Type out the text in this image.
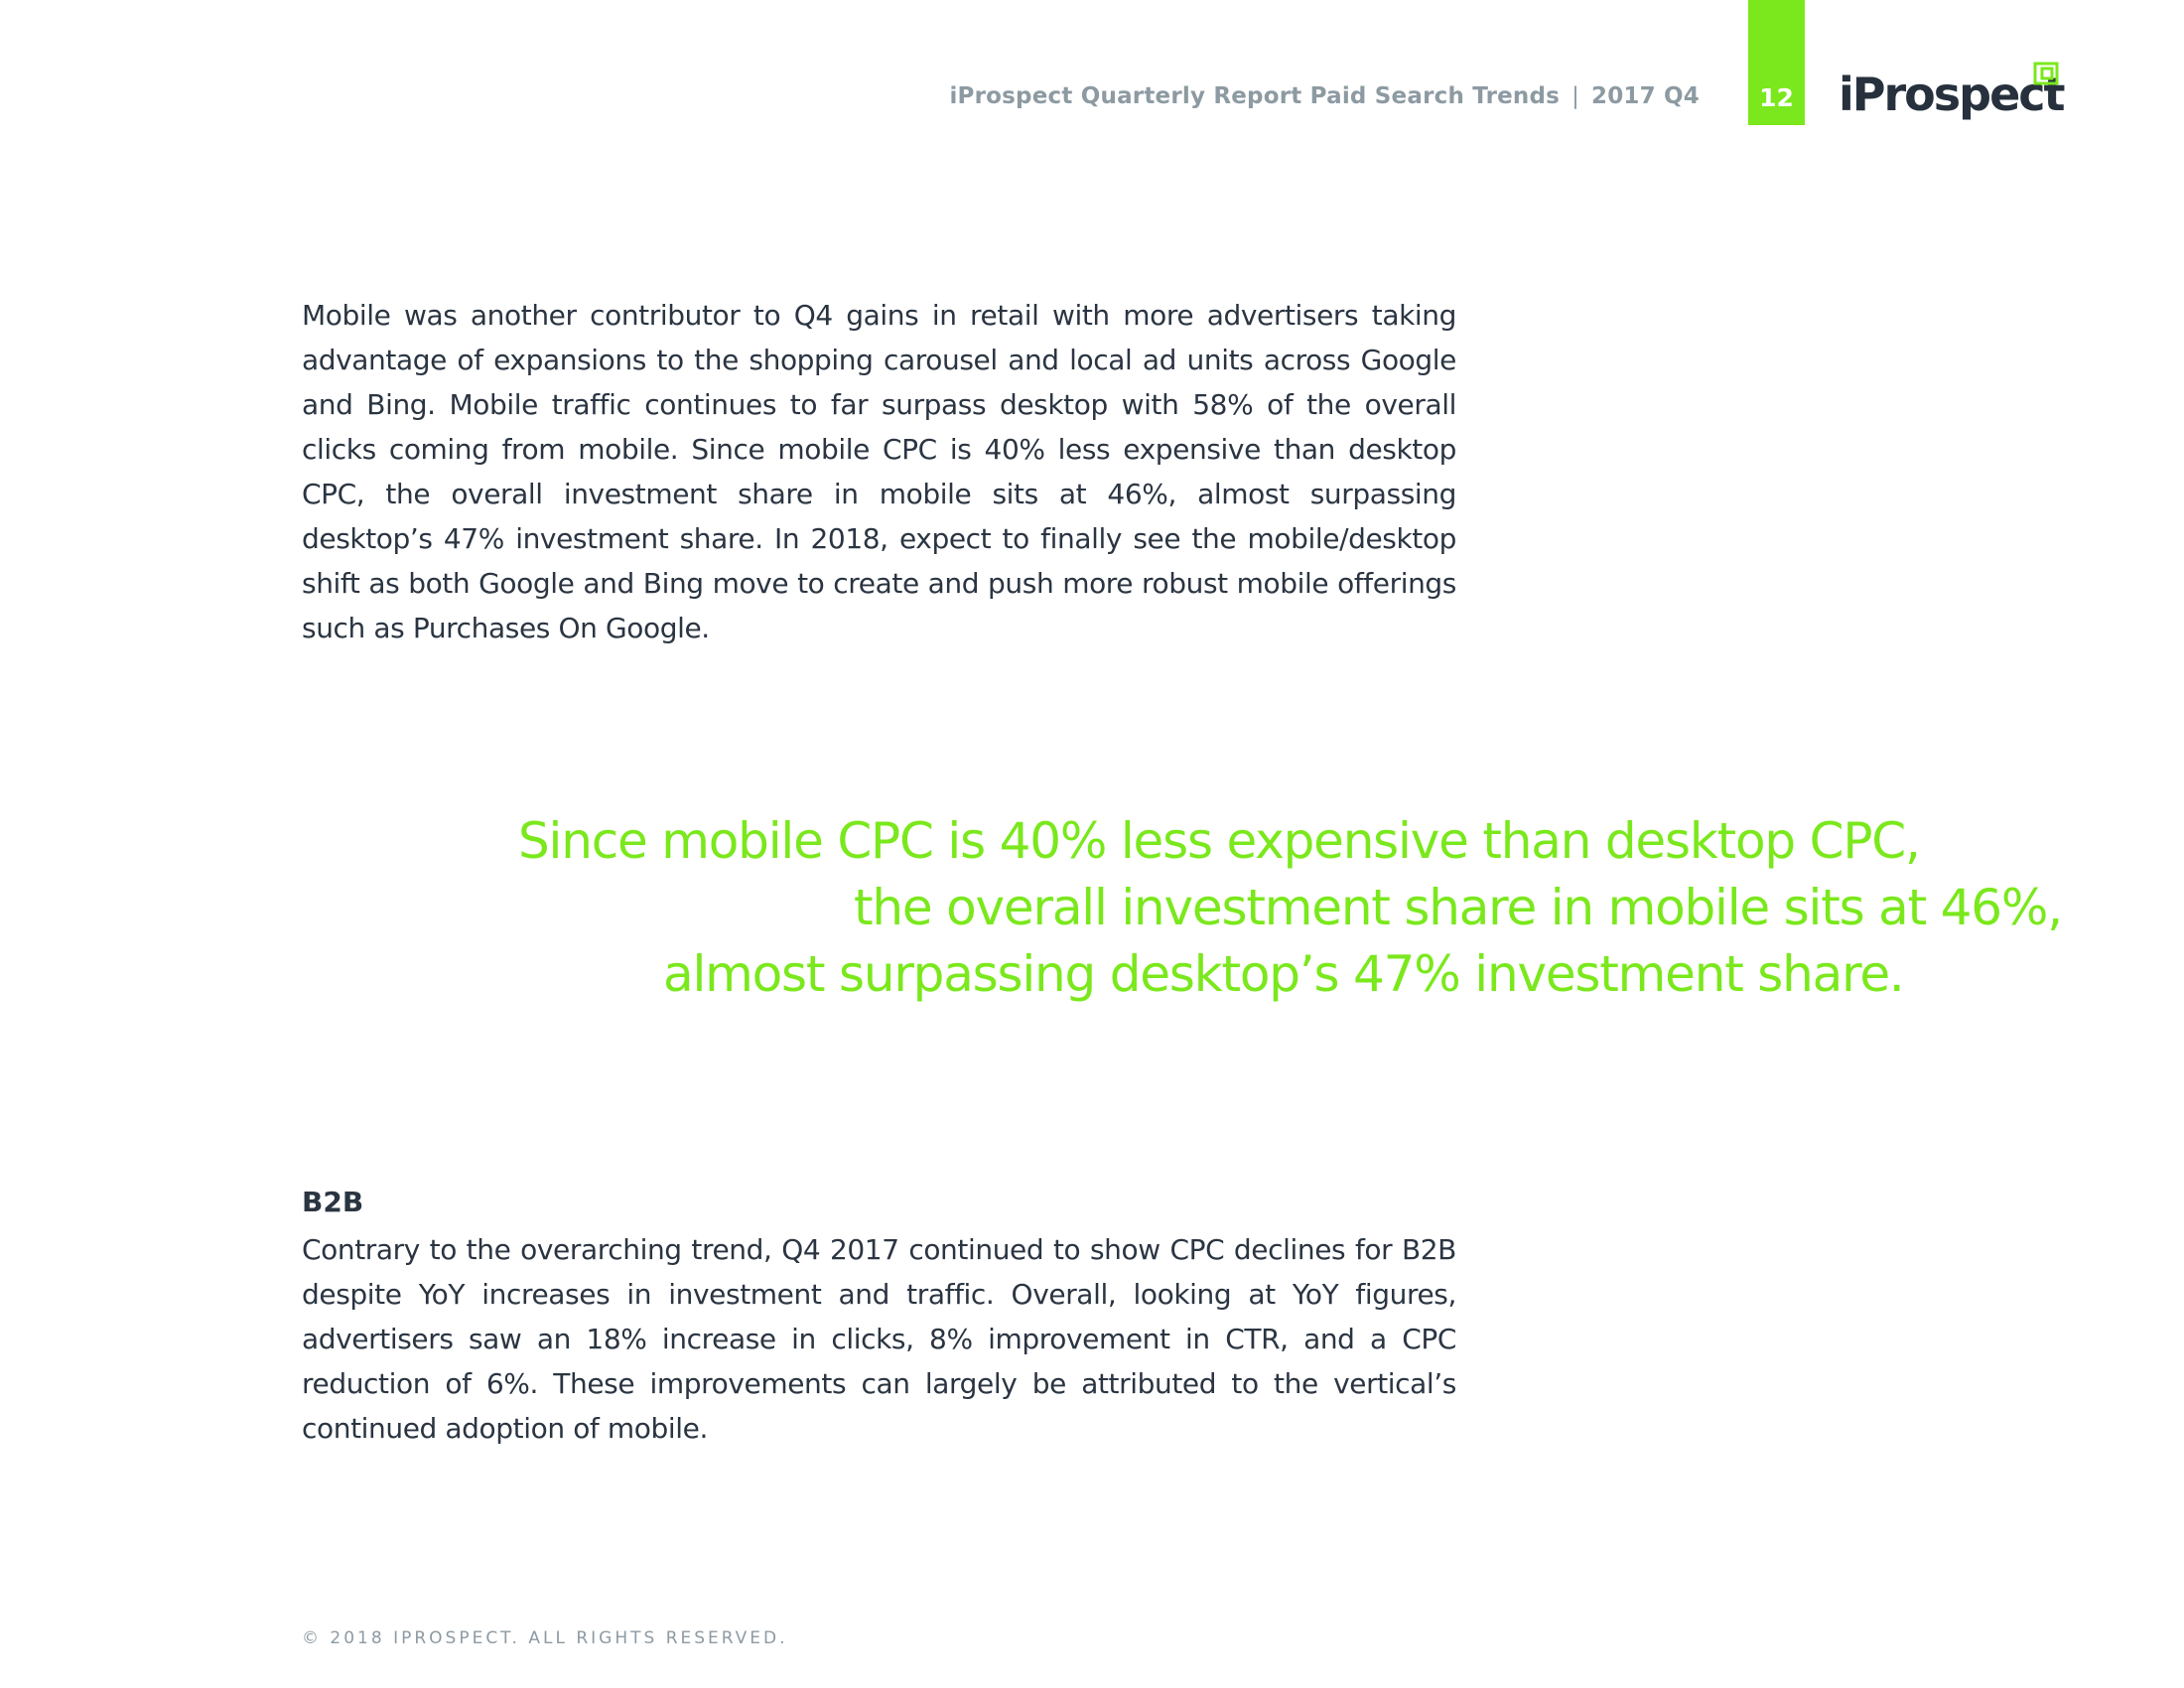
iProspect Quarterly Report Paid Search Trends | 2017 Q4	12 iProspect

Mobile was another contributor to Q4 gains in retail with more advertisers taking advantage of expansions to the shopping carousel and local ad units across Google and Bing. Mobile traffic continues to far surpass desktop with 58% of the overall clicks coming from mobile. Since mobile CPC is 40% less expensive than desktop CPC, the overall investment share in mobile sits at 46%, almost surpassing desktop’s 47% investment share. In 2018, expect to finally see the mobile/desktop shift as both Google and Bing move to create and push more robust mobile offerings such as Purchases On Google.

Since mobile CPC is 40% less expensive than desktop CPC,
the overall investment share in mobile sits at 46%,
almost surpassing desktop’s 47% investment share.
B2B

Contrary to the overarching trend, Q4 2017 continued to show CPC declines for B2B despite YoY increases in investment and traffic. Overall, looking at YoY figures, advertisers saw an 18% increase in clicks, 8% improvement in CTR, and a CPC reduction of 6%. These improvements can largely be attributed to the vertical’s continued adoption of mobile.

© 2018 IPROSPECT. ALL RIGHTS RESERVED.
